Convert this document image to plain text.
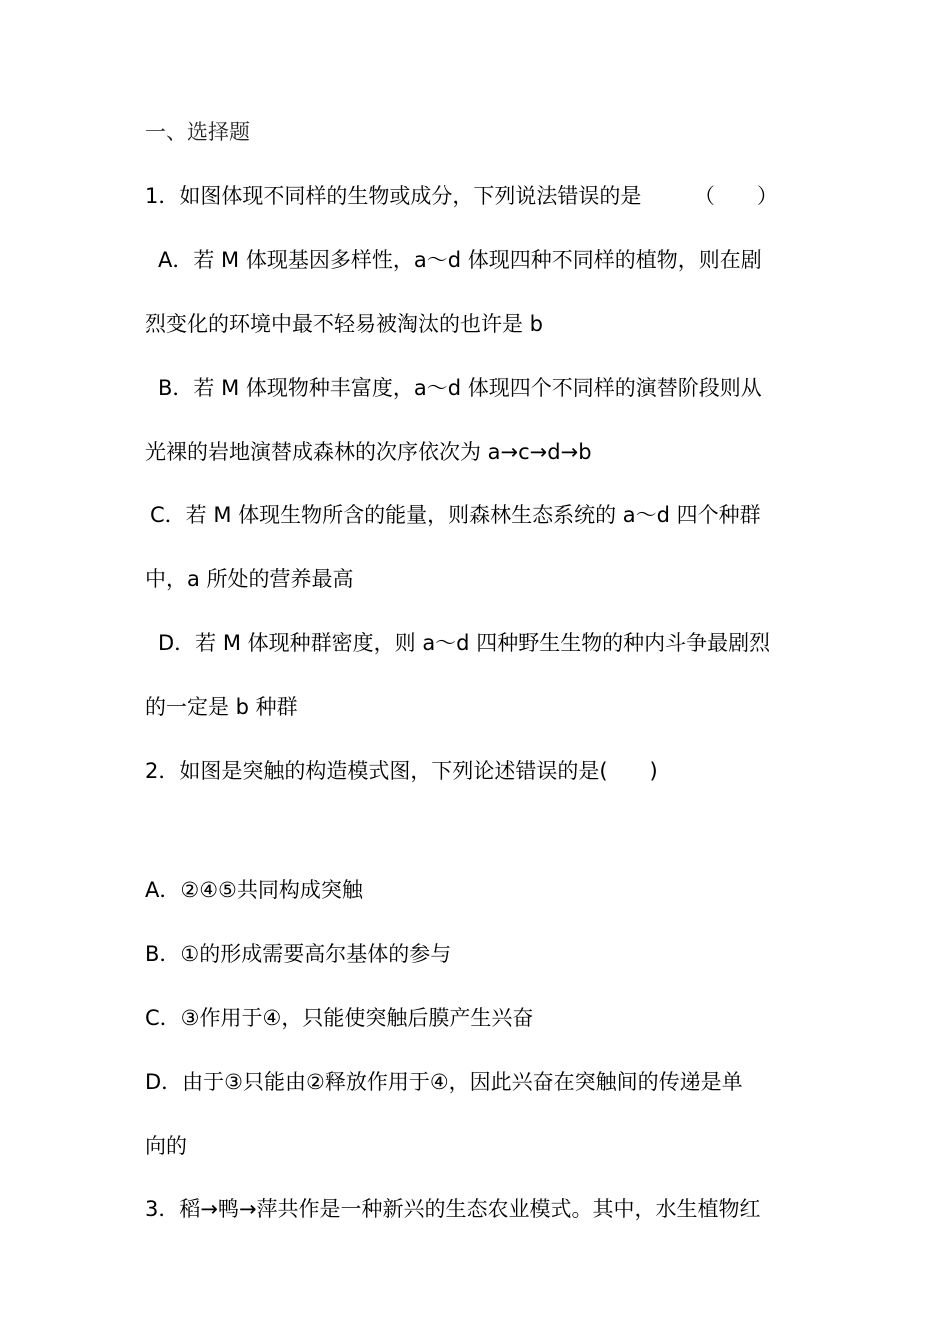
一、选择题
1．如图体现不同样的生物或成分，下列说法错误的是　　　（　　）
A．若 M 体现基因多样性，a～d 体现四种不同样的植物，则在剧
烈变化的环境中最不轻易被淘汰的也许是 b
B．若 M 体现物种丰富度，a～d 体现四个不同样的演替阶段则从
光裸的岩地演替成森林的次序依次为 a→c→d→b
C．若 M 体现生物所含的能量，则森林生态系统的 a～d 四个种群
中，a 所处的营养最高
D．若 M 体现种群密度，则 a～d 四种野生生物的种内斗争最剧烈
的一定是 b 种群
2．如图是突触的构造模式图，下列论述错误的是(　　)
A．②④⑤共同构成突触
B．①的形成需要高尔基体的参与
C．③作用于④，只能使突触后膜产生兴奋
D．由于③只能由②释放作用于④，因此兴奋在突触间的传递是单
向的
3．稻→鸭→萍共作是一种新兴的生态农业模式。其中，水生植物红
